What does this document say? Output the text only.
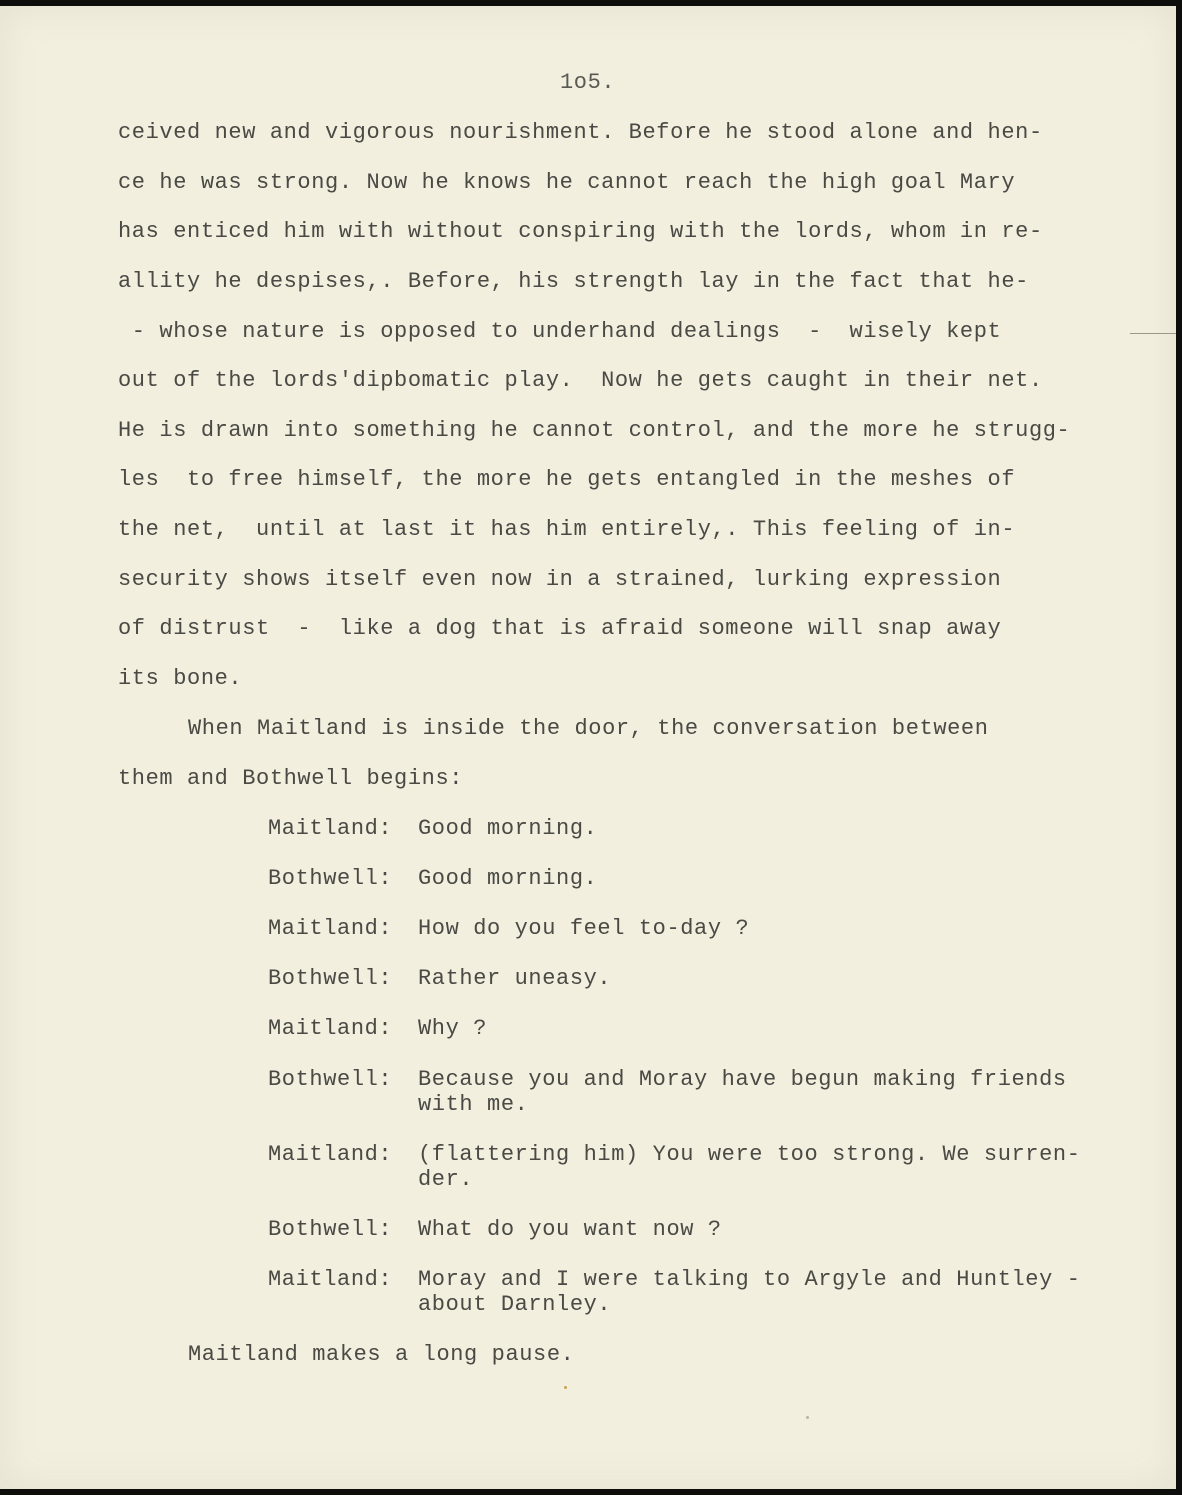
1o5.
ceived new and vigorous nourishment. Before he stood alone and hen-
ce he was strong. Now he knows he cannot reach the high goal Mary
has enticed him with without conspiring with the lords, whom in re-
allity he despises,. Before, his strength lay in the fact that he-
- whose nature is opposed to underhand dealings  -  wisely kept
out of the lords'dipbomatic play.  Now he gets caught in their net.
He is drawn into something he cannot control, and the more he strugg-
les  to free himself, the more he gets entangled in the meshes of
the net,  until at last it has him entirely,. This feeling of in-
security shows itself even now in a strained, lurking expression
of distrust  -  like a dog that is afraid someone will snap away
its bone.
When Maitland is inside the door, the conversation between
them and Bothwell begins:
Maitland: Good morning.
Bothwell: Good morning.
Maitland: How do you feel to-day ?
Bothwell: Rather uneasy.
Maitland: Why ?
Bothwell: Because you and Moray have begun making friends
with me.
Maitland: (flattering him) You were too strong. We surren-
der.
Bothwell: What do you want now ?
Maitland: Moray and I were talking to Argyle and Huntley -
about Darnley.
Maitland makes a long pause.
